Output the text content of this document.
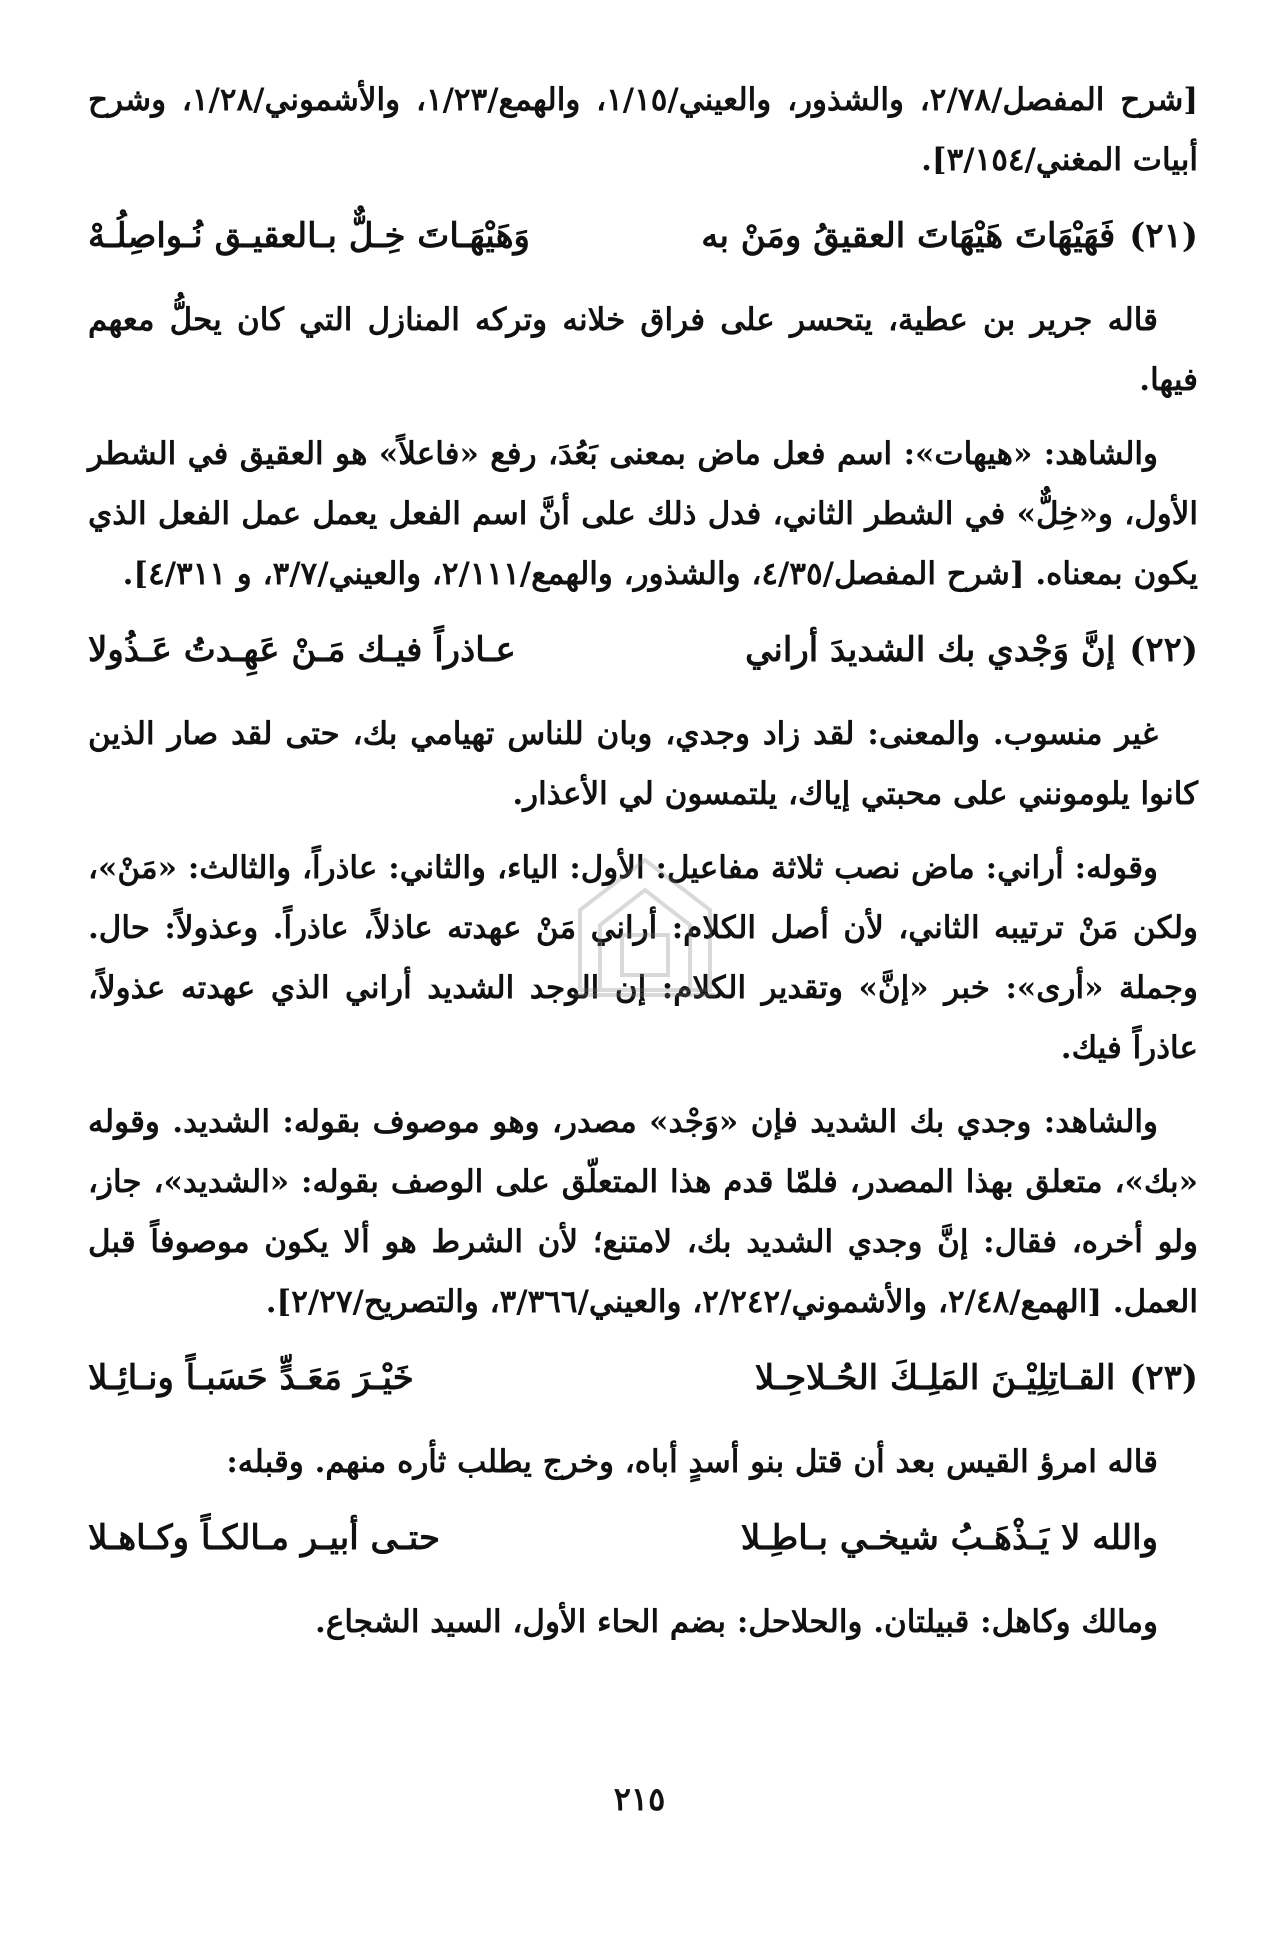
[شرح المفصل/٢/٧٨، والشذور، والعيني/١/١٥، والهمع/١/٢٣، والأشموني/١/٢٨، وشرح أبيات المغني/٣/١٥٤].

(٢١)
فَهَيْهَاتَ هَيْهَاتَ العقيقُ ومَنْ به
وَهَيْهَـاتَ خِـلٌّ بـالعقيـق نُـواصِلُـهْ

قاله جرير بن عطية، يتحسر على فراق خلانه وتركه المنازل التي كان يحلُّ معهم فيها.

والشاهد: «هيهات»: اسم فعل ماض بمعنى بَعُدَ، رفع «فاعلاً» هو العقيق في الشطر الأول، و«خِلٌّ» في الشطر الثاني، فدل ذلك على أنَّ اسم الفعل يعمل عمل الفعل الذي يكون بمعناه. [شرح المفصل/٤/٣٥، والشذور، والهمع/٢/١١١، والعيني/٣/٧، و ٤/٣١١].

(٢٢)
إنَّ وَجْدي بك الشديدَ أراني
عـاذراً فيـك مَـنْ عَهِـدتُ عَـذُولا

غير منسوب. والمعنى: لقد زاد وجدي، وبان للناس تهيامي بك، حتى لقد صار الذين كانوا يلومونني على محبتي إياك، يلتمسون لي الأعذار.

وقوله: أراني: ماض نصب ثلاثة مفاعيل: الأول: الياء، والثاني: عاذراً، والثالث: «مَنْ»، ولكن مَنْ ترتيبه الثاني، لأن أصل الكلام: أراني مَنْ عهدته عاذلاً، عاذراً. وعذولاً: حال. وجملة «أرى»: خبر «إنَّ» وتقدير الكلام: إن الوجد الشديد أراني الذي عهدته عذولاً، عاذراً فيك.

والشاهد: وجدي بك الشديد فإن «وَجْد» مصدر، وهو موصوف بقوله: الشديد. وقوله «بك»، متعلق بهذا المصدر، فلمّا قدم هذا المتعلّق على الوصف بقوله: «الشديد»، جاز، ولو أخره، فقال: إنَّ وجدي الشديد بك، لامتنع؛ لأن الشرط هو ألا يكون موصوفاً قبل العمل. [الهمع/٢/٤٨، والأشموني/٢/٢٤٢، والعيني/٣/٣٦٦، والتصريح/٢/٢٧].

(٢٣)
القـاتِلِيْـنَ المَلِـكَ الحُـلاحِـلا
خَيْـرَ مَعَـدٍّ حَسَبـاً ونـائِـلا

قاله امرؤ القيس بعد أن قتل بنو أسدٍ أباه، وخرج يطلب ثأره منهم. وقبله:

والله لا يَـذْهَـبُ شيخـي بـاطِـلا
حتـى أبيـر مـالكـاً وكـاهـلا

ومالك وكاهل: قبيلتان. والحلاحل: بضم الحاء الأول، السيد الشجاع.

٢١٥
